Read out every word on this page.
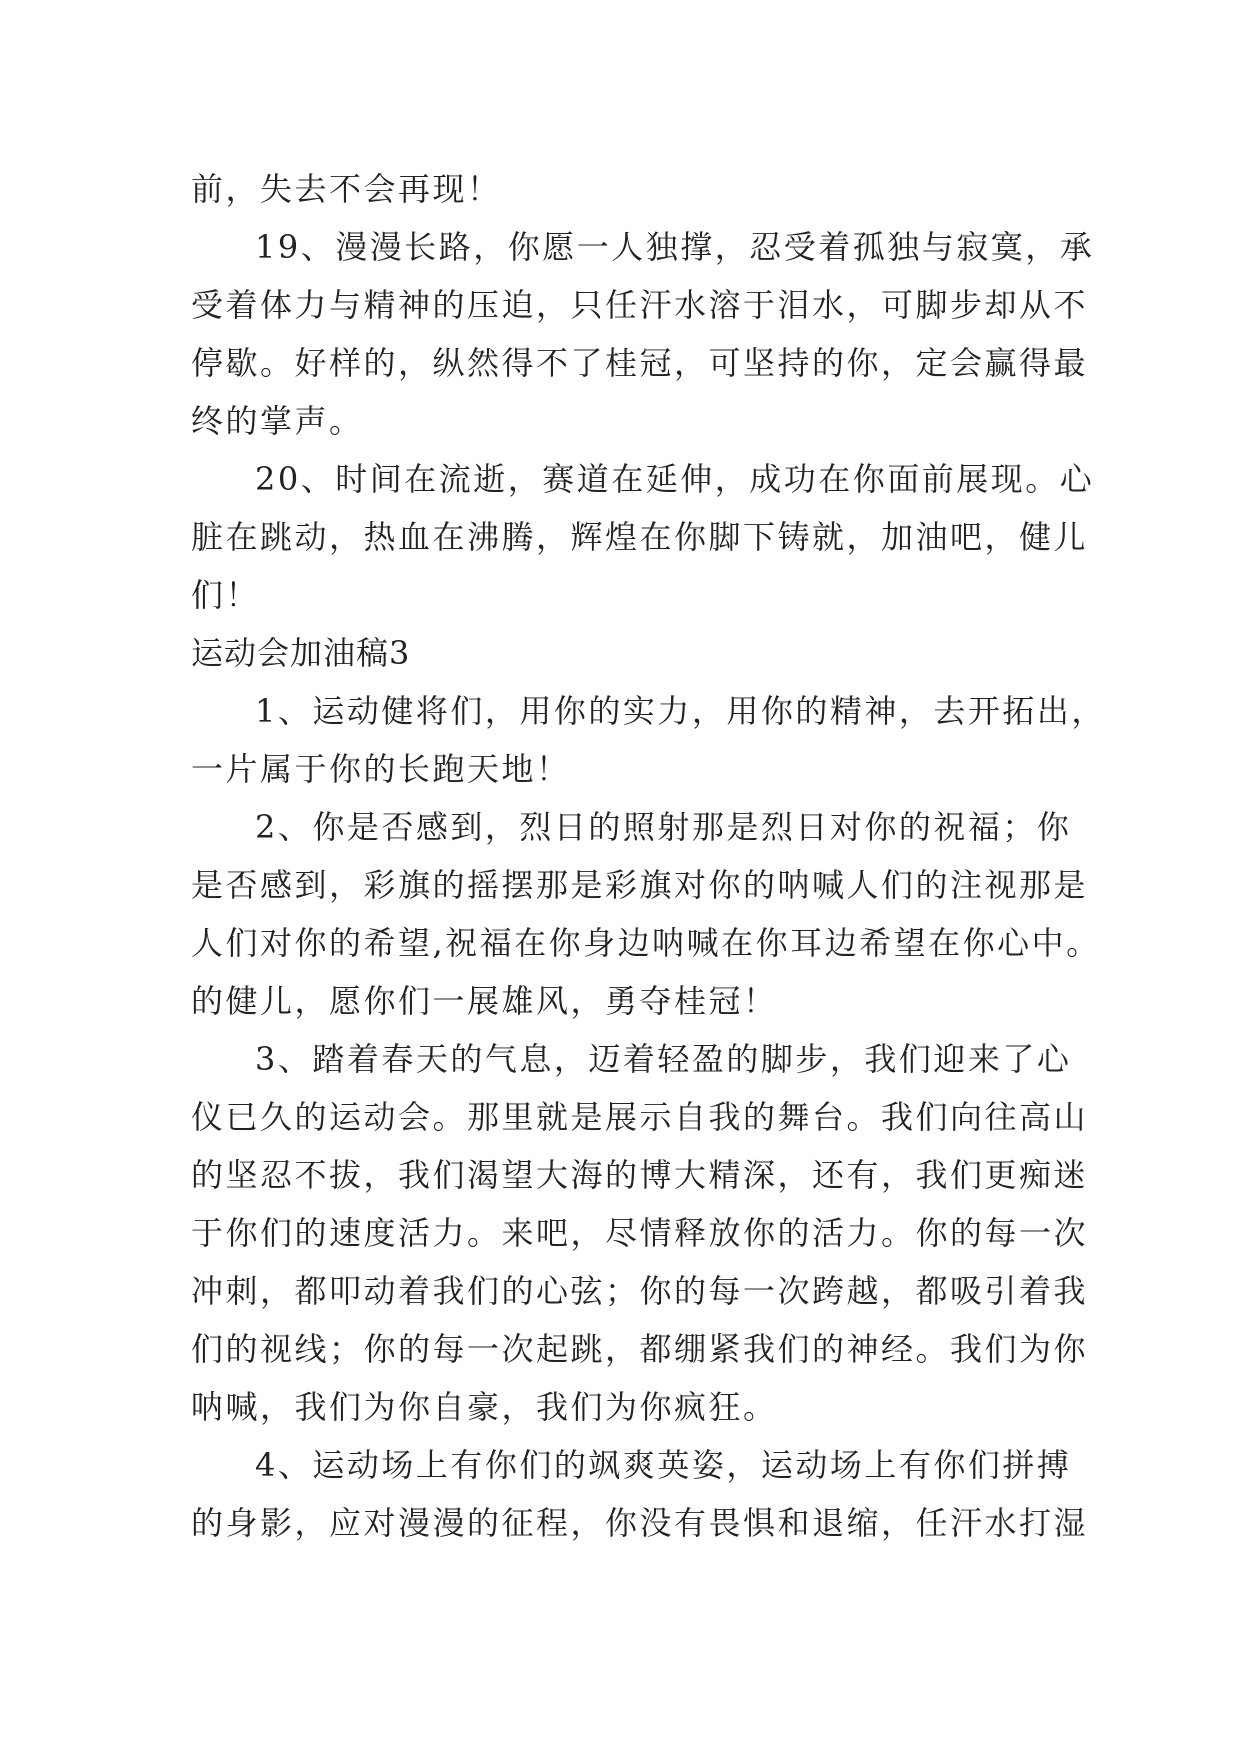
前，失去不会再现！
19、漫漫长路，你愿一人独撑，忍受着孤独与寂寞，承
受着体力与精神的压迫，只任汗水溶于泪水，可脚步却从不
停歇。好样的，纵然得不了桂冠，可坚持的你，定会赢得最
终的掌声。
20、时间在流逝，赛道在延伸，成功在你面前展现。心
脏在跳动，热血在沸腾，辉煌在你脚下铸就，加油吧，健儿
们！
运动会加油稿3
1、运动健将们，用你的实力，用你的精神，去开拓出，
一片属于你的长跑天地！
2、你是否感到，烈日的照射那是烈日对你的祝福；你
是否感到，彩旗的摇摆那是彩旗对你的呐喊人们的注视那是
人们对你的希望,祝福在你身边呐喊在你耳边希望在你心中。
的健儿，愿你们一展雄风，勇夺桂冠！
3、踏着春天的气息，迈着轻盈的脚步，我们迎来了心
仪已久的运动会。那里就是展示自我的舞台。我们向往高山
的坚忍不拔，我们渴望大海的博大精深，还有，我们更痴迷
于你们的速度活力。来吧，尽情释放你的活力。你的每一次
冲刺，都叩动着我们的心弦；你的每一次跨越，都吸引着我
们的视线；你的每一次起跳，都绷紧我们的神经。我们为你
呐喊，我们为你自豪，我们为你疯狂。
4、运动场上有你们的飒爽英姿，运动场上有你们拼搏
的身影，应对漫漫的征程，你没有畏惧和退缩，任汗水打湿
